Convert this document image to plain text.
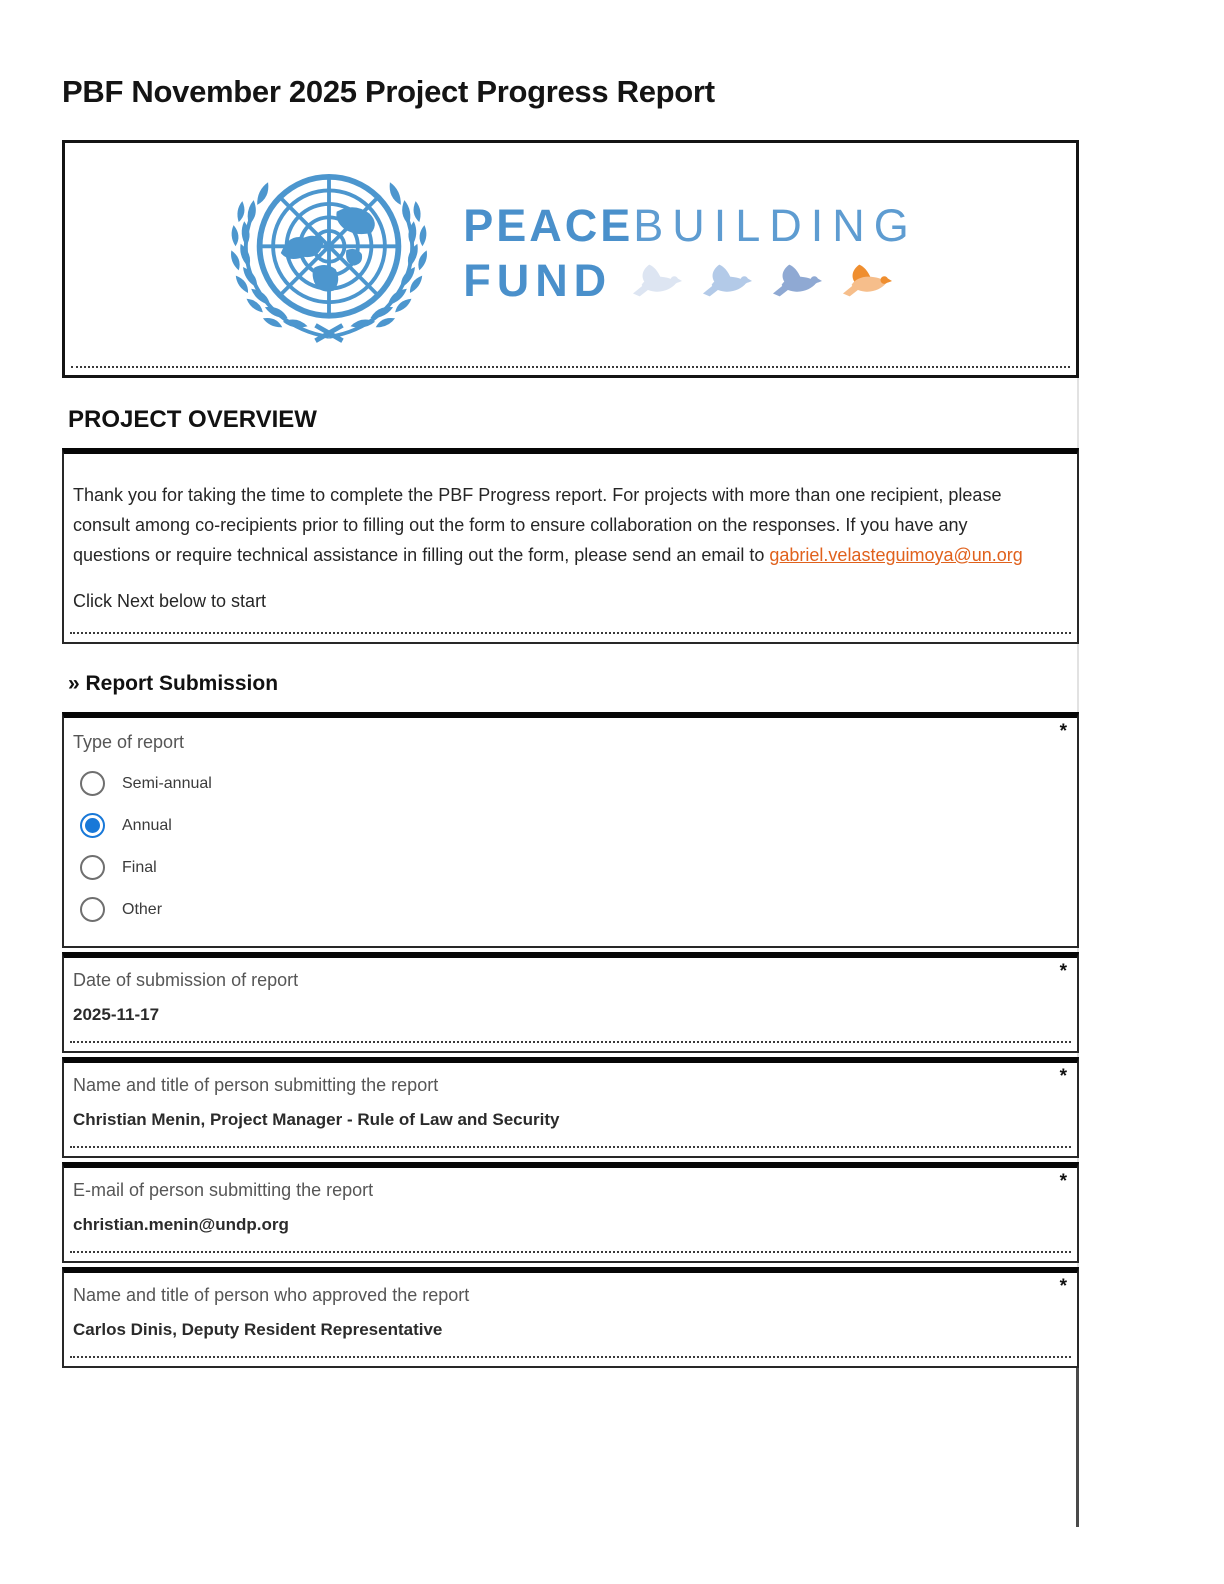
PBF November 2025 Project Progress Report
PEACEBUILDING
FUND
PROJECT OVERVIEW

Thank you for taking the time to complete the PBF Progress report. For projects with more than one recipient, please consult among co-recipients prior to filling out the form to ensure collaboration on the responses. If you have any questions or require technical assistance in filling out the form, please send an email to gabriel.velasteguimoya@un.org

Click Next below to start

» Report Submission
*
Type of report
Semi-annual
Annual
Final
Other
*
Date of submission of report
2025-11-17
*
Name and title of person submitting the report
Christian Menin, Project Manager - Rule of Law and Security
*
E-mail of person submitting the report
christian.menin@undp.org
*
Name and title of person who approved the report
Carlos Dinis, Deputy Resident Representative
